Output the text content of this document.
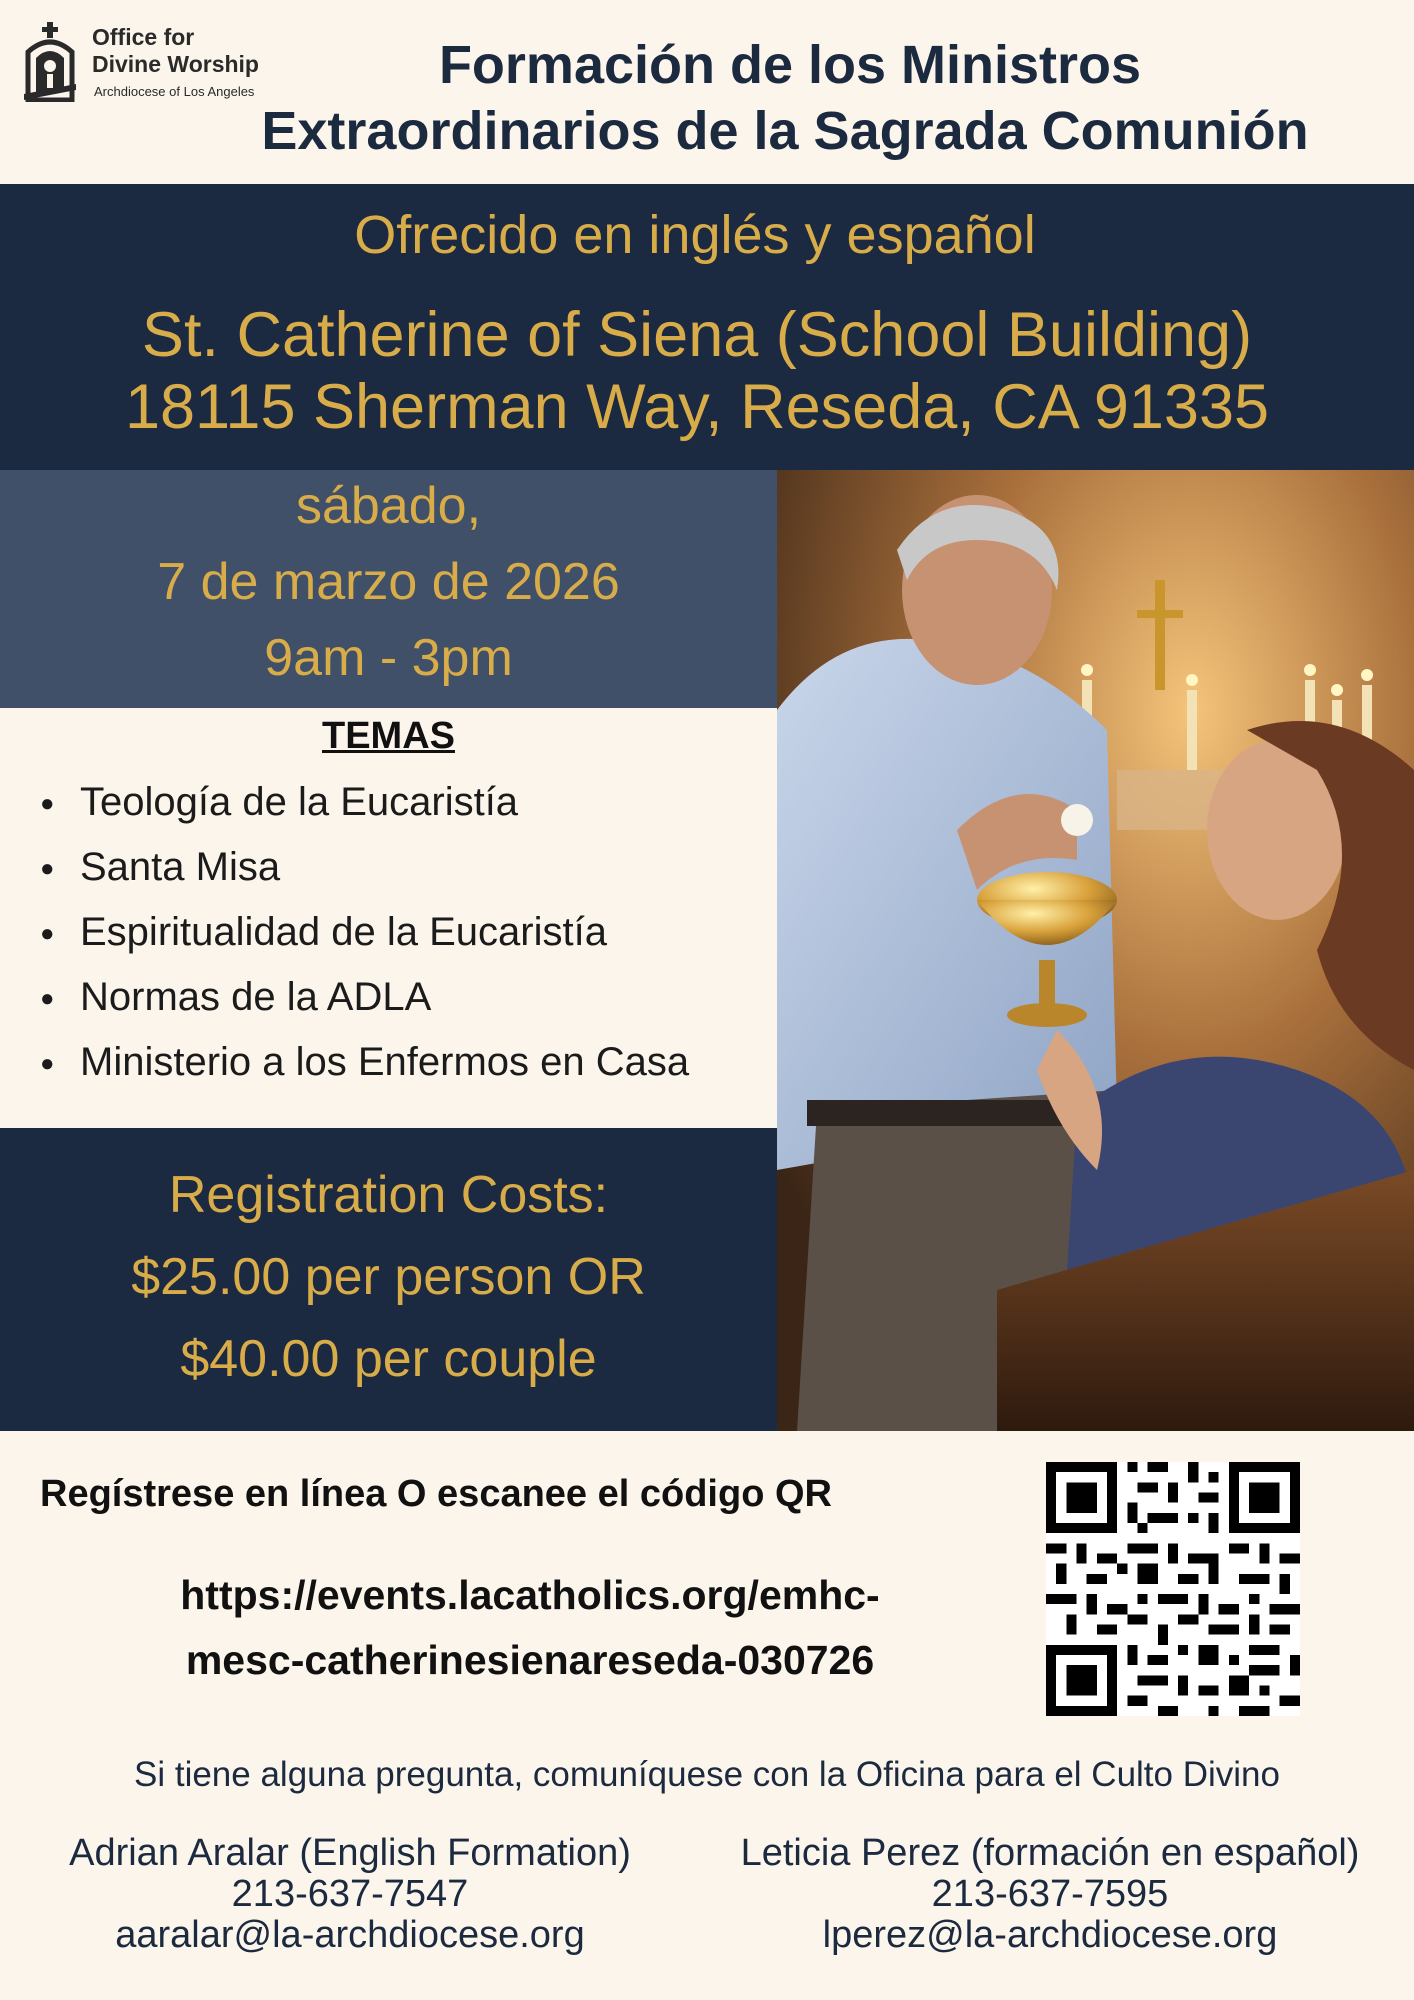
Office for
Divine Worship
Archdiocese of Los Angeles	Formación de los Ministros
Extraordinarios de la Sagrada Comunión
Ofrecido en inglés y español
St. Catherine of Siena (School Building)
18115 Sherman Way, Reseda, CA 91335
sábado,
7 de marzo de 2026
9am - 3pm
TEMAS
● Teología de la Eucaristía
● Santa Misa
● Espiritualidad de la Eucaristía
● Normas de la ADLA
● Ministerio a los Enfermos en Casa
Registration Costs:
$25.00 per person OR
$40.00 per couple
Regístrese en línea O escanee el código QR
https://events.lacatholics.org/emhc-
mesc-catherinesienareseda-030726
Si tiene alguna pregunta, comuníquese con la Oficina para el Culto Divino
Adrian Aralar (English Formation)
213-637-7547
aaralar@la-archdiocese.org
Leticia Perez (formación en español)
213-637-7595
lperez@la-archdiocese.org
